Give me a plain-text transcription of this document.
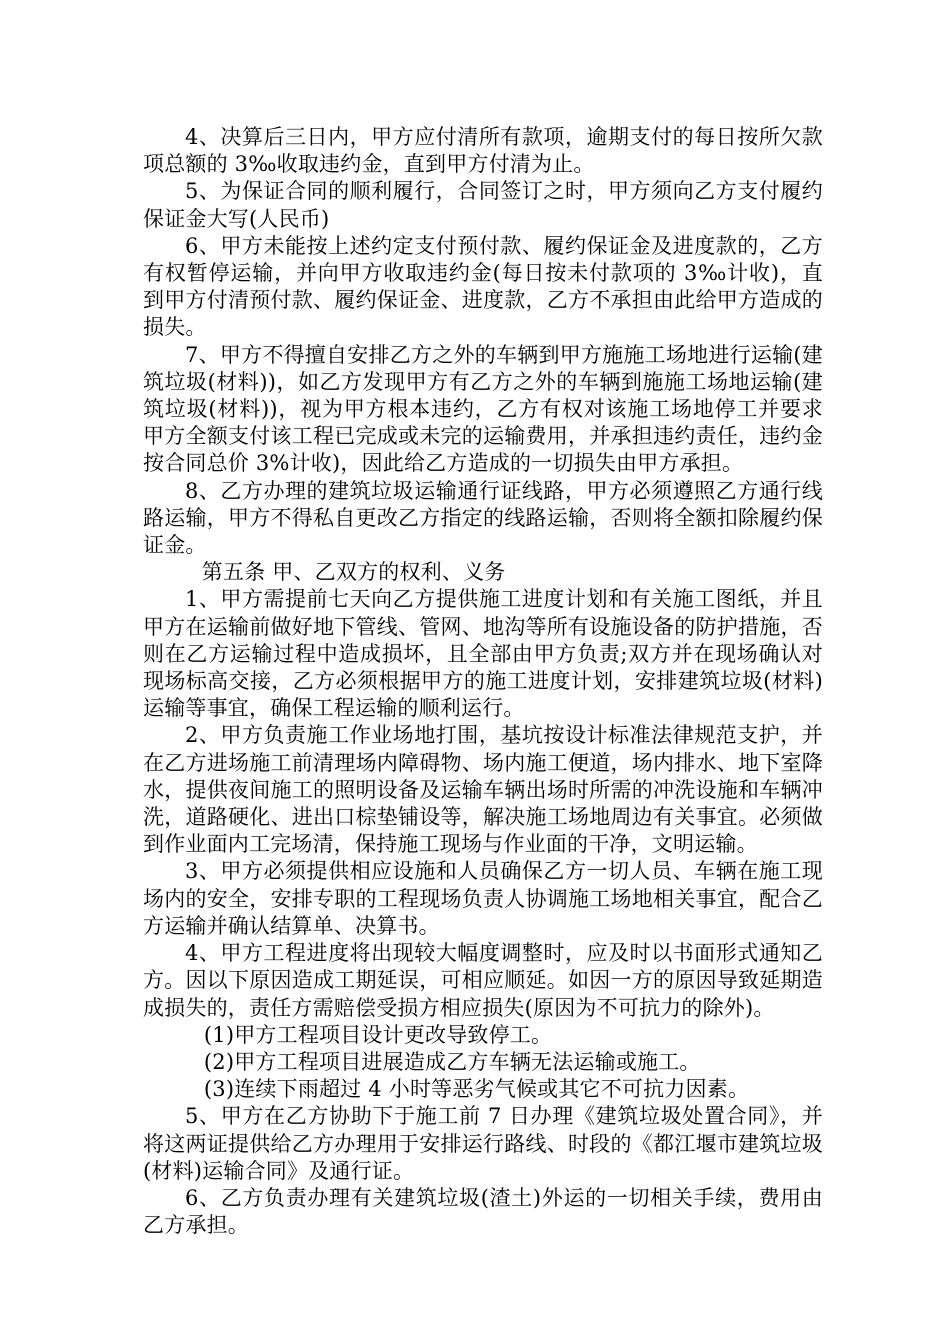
4、决算后三日内，甲方应付清所有款项，逾期支付的每日按所欠款项总额的 3‰收取违约金，直到甲方付清为止。

5、为保证合同的顺利履行，合同签订之时，甲方须向乙方支付履约保证金大写(人民币)

6、甲方未能按上述约定支付预付款、履约保证金及进度款的，乙方有权暂停运输，并向甲方收取违约金(每日按未付款项的 3‰计收)，直到甲方付清预付款、履约保证金、进度款，乙方不承担由此给甲方造成的损失。

7、甲方不得擅自安排乙方之外的车辆到甲方施施工场地进行运输(建筑垃圾(材料))，如乙方发现甲方有乙方之外的车辆到施施工场地运输(建筑垃圾(材料))，视为甲方根本违约，乙方有权对该施工场地停工并要求甲方全额支付该工程已完成或未完的运输费用，并承担违约责任，违约金按合同总价 3%计收)，因此给乙方造成的一切损失由甲方承担。

8、乙方办理的建筑垃圾运输通行证线路，甲方必须遵照乙方通行线路运输，甲方不得私自更改乙方指定的线路运输，否则将全额扣除履约保证金。

第五条 甲、乙双方的权利、义务

1、甲方需提前七天向乙方提供施工进度计划和有关施工图纸，并且甲方在运输前做好地下管线、管网、地沟等所有设施设备的防护措施，否则在乙方运输过程中造成损坏，且全部由甲方负责;双方并在现场确认对现场标高交接，乙方必须根据甲方的施工进度计划，安排建筑垃圾(材料)运输等事宜，确保工程运输的顺利运行。

2、甲方负责施工作业场地打围，基坑按设计标准法律规范支护，并在乙方进场施工前清理场内障碍物、场内施工便道，场内排水、地下室降水，提供夜间施工的照明设备及运输车辆出场时所需的冲洗设施和车辆冲洗，道路硬化、进出口棕垫铺设等，解决施工场地周边有关事宜。必须做到作业面内工完场清，保持施工现场与作业面的干净，文明运输。

3、甲方必须提供相应设施和人员确保乙方一切人员、车辆在施工现场内的安全，安排专职的工程现场负责人协调施工场地相关事宜，配合乙方运输并确认结算单、决算书。

4、甲方工程进度将出现较大幅度调整时，应及时以书面形式通知乙方。因以下原因造成工期延误，可相应顺延。如因一方的原因导致延期造成损失的，责任方需赔偿受损方相应损失(原因为不可抗力的除外)。

(1)甲方工程项目设计更改导致停工。

(2)甲方工程项目进展造成乙方车辆无法运输或施工。

(3)连续下雨超过 4 小时等恶劣气候或其它不可抗力因素。

5、甲方在乙方协助下于施工前 7 日办理《建筑垃圾处置合同》，并将这两证提供给乙方办理用于安排运行路线、时段的《都江堰市建筑垃圾(材料)运输合同》及通行证。

6、乙方负责办理有关建筑垃圾(渣土)外运的一切相关手续，费用由乙方承担。
